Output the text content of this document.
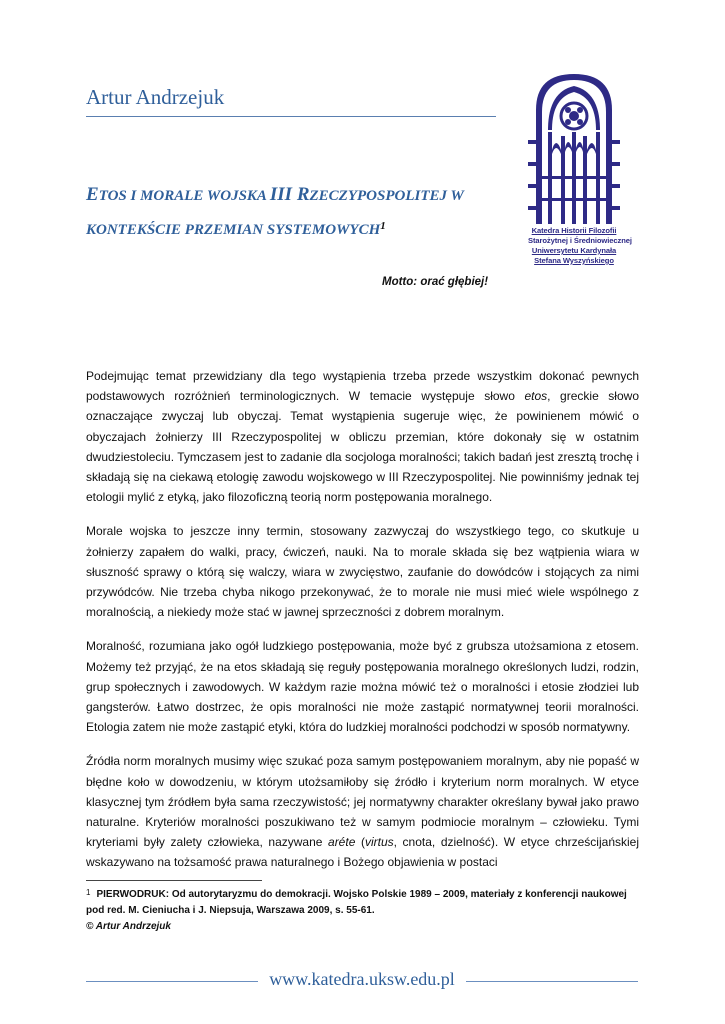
Artur Andrzejuk
Katedra Historii Filozofii
Starożytnej i Średniowiecznej
Uniwersytetu Kardynała
Stefana Wyszyńskiego
ETOS I MORALE WOJSKA III RZECZYPOSPOLITEJ W
KONTEKŚCIE PRZEMIAN SYSTEMOWYCH$^1$
Motto: orać głębiej!

Podejmując temat przewidziany dla tego wystąpienia trzeba przede wszystkim dokonać pewnych podstawowych rozróżnień terminologicznych. W temacie występuje słowo etos, greckie słowo oznaczające zwyczaj lub obyczaj. Temat wystąpienia sugeruje więc, że powinienem mówić o obyczajach żołnierzy III Rzeczypospolitej w obliczu przemian, które dokonały się w ostatnim dwudziestoleciu. Tymczasem jest to zadanie dla socjologa moralności; takich badań jest zresztą trochę i składają się na ciekawą etologię zawodu wojskowego w III Rzeczypospolitej. Nie powinniśmy jednak tej etologii mylić z etyką, jako filozoficzną teorią norm postępowania moralnego.

Morale wojska to jeszcze inny termin, stosowany zazwyczaj do wszystkiego tego, co skutkuje u żołnierzy zapałem do walki, pracy, ćwiczeń, nauki. Na to morale składa się bez wątpienia wiara w słuszność sprawy o którą się walczy, wiara w zwycięstwo, zaufanie do dowódców i stojących za nimi przywódców. Nie trzeba chyba nikogo przekonywać, że to morale nie musi mieć wiele wspólnego z moralnością, a niekiedy może stać w jawnej sprzeczności z dobrem moralnym.

Moralność, rozumiana jako ogół ludzkiego postępowania, może być z grubsza utożsamiona z etosem. Możemy też przyjąć, że na etos składają się reguły postępowania moralnego określonych ludzi, rodzin, grup społecznych i zawodowych. W każdym razie można mówić też o moralności i etosie złodziei lub gangsterów. Łatwo dostrzec, że opis moralności nie może zastąpić normatywnej teorii moralności. Etologia zatem nie może zastąpić etyki, która do ludzkiej moralności podchodzi w sposób normatywny.

Źródła norm moralnych musimy więc szukać poza samym postępowaniem moralnym, aby nie popaść w błędne koło w dowodzeniu, w którym utożsamiłoby się źródło i kryterium norm moralnych. W etyce klasycznej tym źródłem była sama rzeczywistość; jej normatywny charakter określany bywał jako prawo naturalne. Kryteriów moralności poszukiwano też w samym podmiocie moralnym – człowieku. Tymi kryteriami były zalety człowieka, nazywane aréte (virtus, cnota, dzielność). W etyce chrześcijańskiej wskazywano na tożsamość prawa naturalnego i Bożego objawienia w postaci

$^1$ PIERWODRUK: Od autorytaryzmu do demokracji. Wojsko Polskie 1989 – 2009, materiały z konferencji naukowej pod red. M. Cieniucha i J. Niepsuja, Warszawa 2009, s. 55-61.
© Artur Andrzejuk
www.katedra.uksw.edu.pl
